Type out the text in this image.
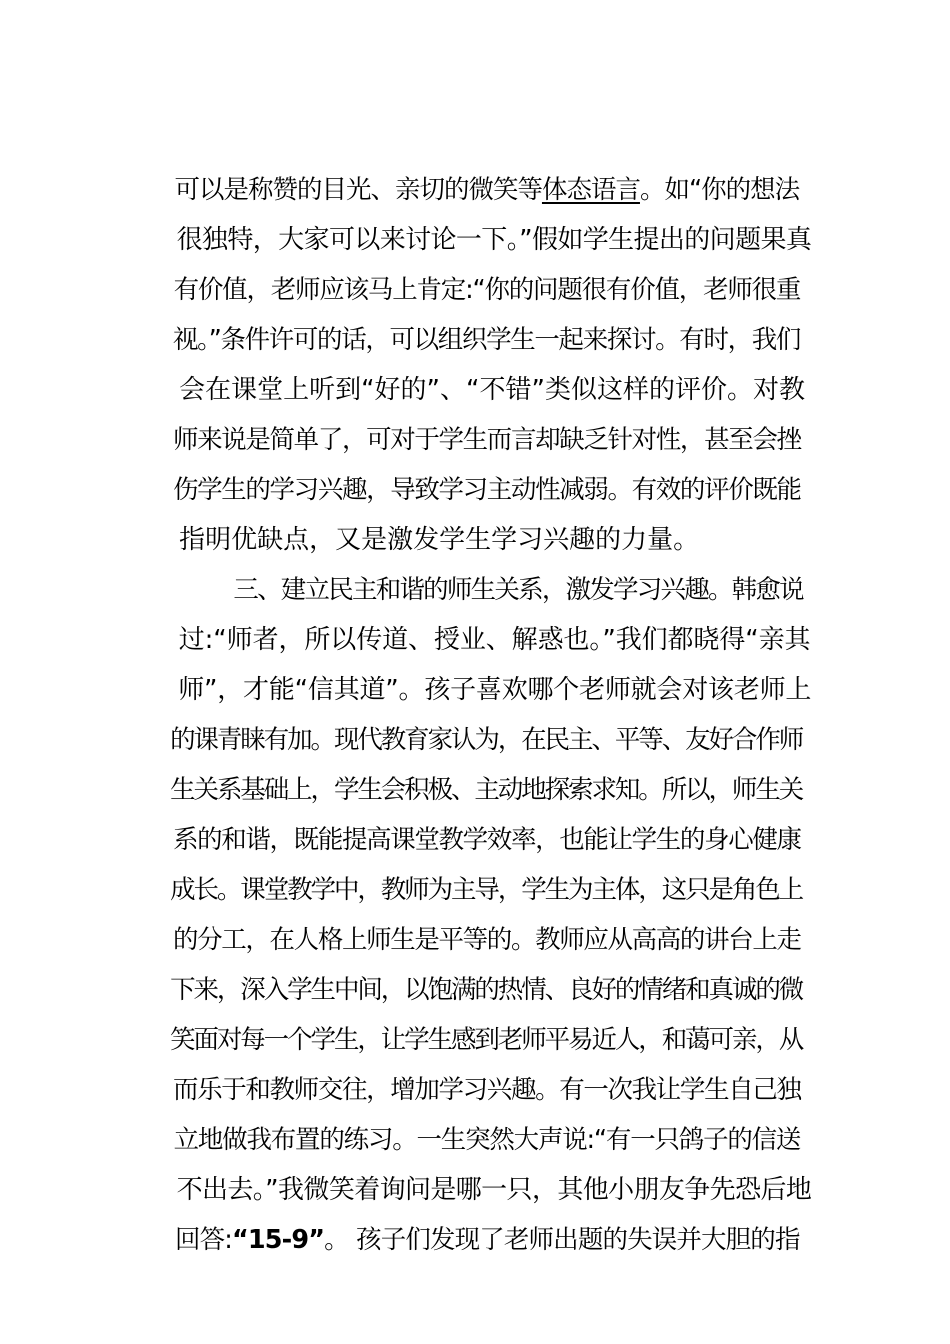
可以是称赞的目光、亲切的微笑等体态语言。如“你的想法

很独特，大家可以来讨论一下。”假如学生提出的问题果真

有价值，老师应该马上肯定:“你的问题很有价值，老师很重

视。”条件许可的话，可以组织学生一起来探讨。有时，我们

会在课堂上听到“好的”、“不错”类似这样的评价。对教

师来说是简单了，可对于学生而言却缺乏针对性，甚至会挫

伤学生的学习兴趣，导致学习主动性减弱。有效的评价既能

指明优缺点，又是激发学生学习兴趣的力量。

三、建立民主和谐的师生关系，激发学习兴趣。韩愈说

过:“师者，所以传道、授业、解惑也。”我们都晓得“亲其

师”，才能“信其道”。孩子喜欢哪个老师就会对该老师上

的课青睐有加。现代教育家认为，在民主、平等、友好合作师

生关系基础上，学生会积极、主动地探索求知。所以，师生关

系的和谐，既能提高课堂教学效率，也能让学生的身心健康

成长。课堂教学中，教师为主导，学生为主体，这只是角色上

的分工，在人格上师生是平等的。教师应从高高的讲台上走

下来，深入学生中间，以饱满的热情、良好的情绪和真诚的微

笑面对每一个学生，让学生感到老师平易近人，和蔼可亲，从

而乐于和教师交往，增加学习兴趣。有一次我让学生自己独

立地做我布置的练习。一生突然大声说:“有一只鸽子的信送

不出去。”我微笑着询问是哪一只，其他小朋友争先恐后地

回答:“15-9”。 孩子们发现了老师出题的失误并大胆的指
